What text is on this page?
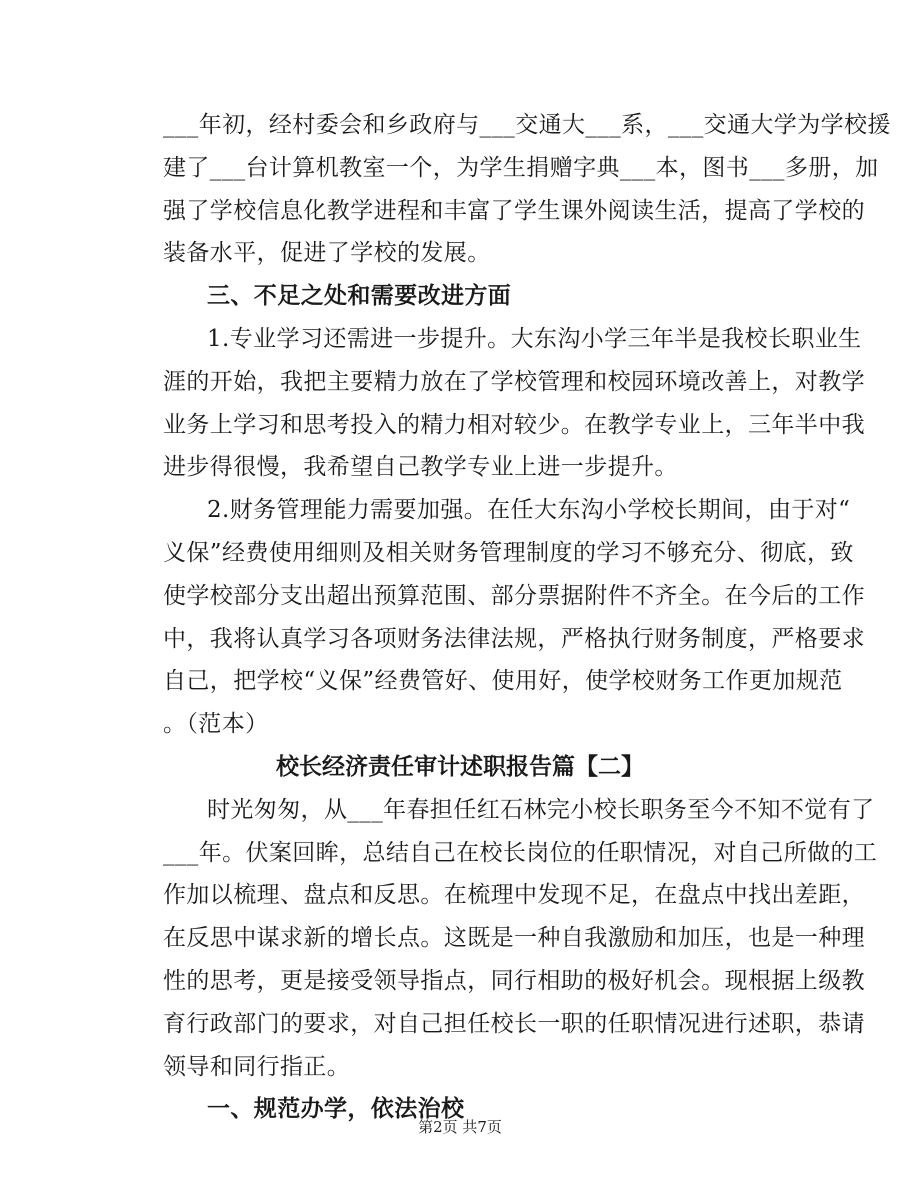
___年初，经村委会和乡政府与___交通大___系，___交通大学为学校援
建了___台计算机教室一个，为学生捐赠字典___本，图书___多册，加
强了学校信息化教学进程和丰富了学生课外阅读生活，提高了学校的
装备水平，促进了学校的发展。
三、不足之处和需要改进方面
1.专业学习还需进一步提升。大东沟小学三年半是我校长职业生
涯的开始，我把主要精力放在了学校管理和校园环境改善上，对教学
业务上学习和思考投入的精力相对较少。在教学专业上，三年半中我
进步得很慢，我希望自己教学专业上进一步提升。
2.财务管理能力需要加强。在任大东沟小学校长期间，由于对“
义保”经费使用细则及相关财务管理制度的学习不够充分、彻底，致
使学校部分支出超出预算范围、部分票据附件不齐全。在今后的工作
中，我将认真学习各项财务法律法规，严格执行财务制度，严格要求
自己，把学校“义保”经费管好、使用好，使学校财务工作更加规范
。（范本）
校长经济责任审计述职报告篇【二】
时光匆匆，从___年春担任红石林完小校长职务至今不知不觉有了
___年。伏案回眸，总结自己在校长岗位的任职情况，对自己所做的工
作加以梳理、盘点和反思。在梳理中发现不足，在盘点中找出差距，
在反思中谋求新的增长点。这既是一种自我激励和加压，也是一种理
性的思考，更是接受领导指点，同行相助的极好机会。现根据上级教
育行政部门的要求，对自己担任校长一职的任职情况进行述职，恭请
领导和同行指正。
一、规范办学，依法治校
第2页 共7页
